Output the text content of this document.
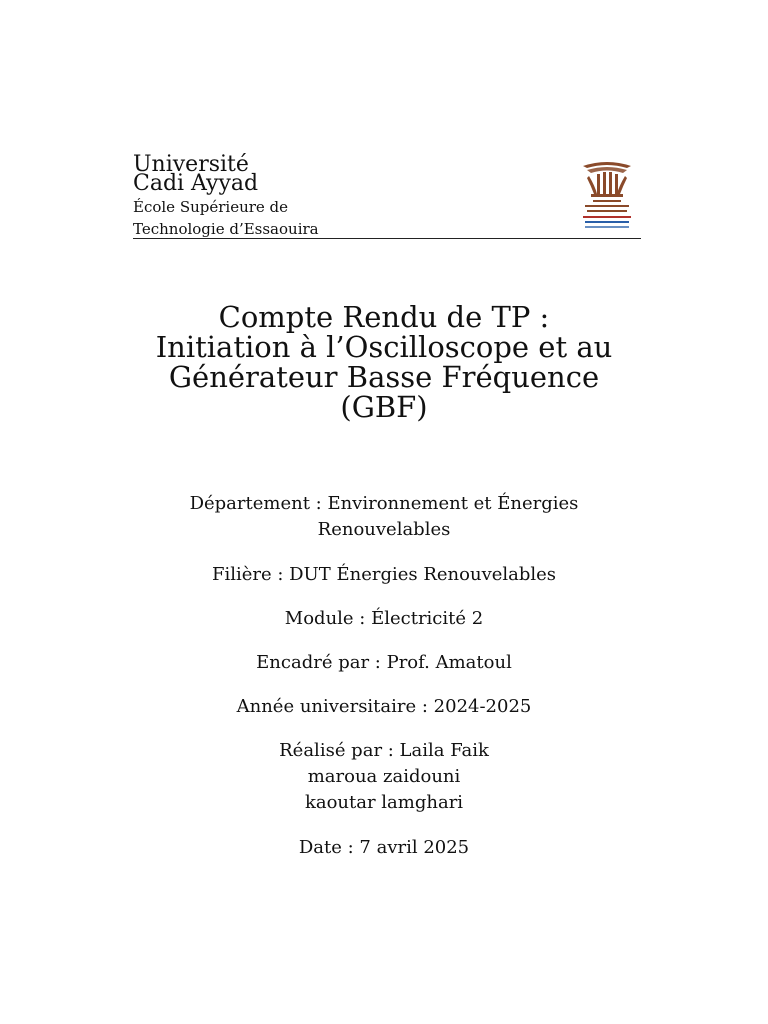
Université
Cadi Ayyad
École Supérieure de
Technologie d’Essaouira
Compte Rendu de TP :
Initiation à l’Oscilloscope et au
Générateur Basse Fréquence
(GBF)
Département : Environnement et Énergies
Renouvelables
Filière : DUT Énergies Renouvelables
Module : Électricité 2
Encadré par : Prof. Amatoul
Année universitaire : 2024-2025
Réalisé par : Laila Faik
maroua zaidouni
kaoutar lamghari
Date : 7 avril 2025
